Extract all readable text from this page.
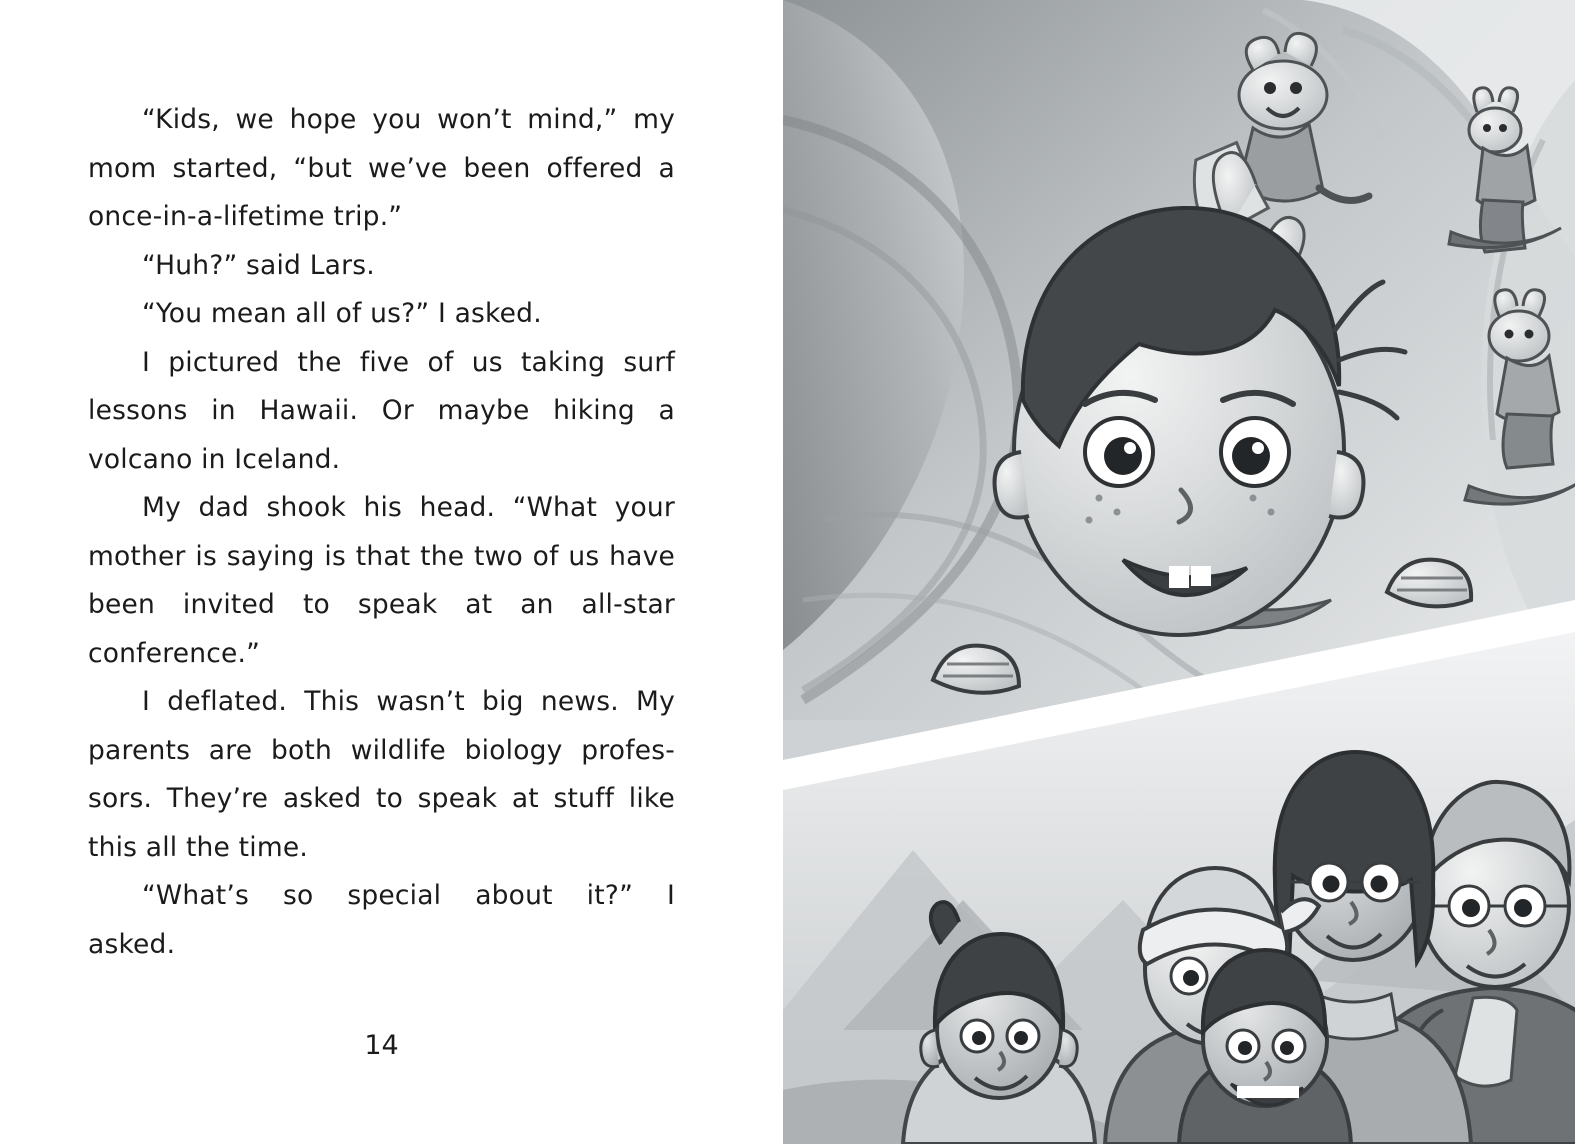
“Kids, we hope you won’t mind,” my mom started, “but we’ve been offered a once-in-a-lifetime trip.”

“Huh?” said Lars.

“You mean all of us?” I asked.

I pictured the five of us taking surf lessons in Hawaii. Or maybe hiking a volcano in Iceland.

My dad shook his head. “What your mother is saying is that the two of us have been invited to speak at an all-star conference.”

I deflated. This wasn’t big news. My parents are both wildlife biology profes-sors. They’re asked to speak at stuff like this all the time.

“What’s so special about it?” I asked.

14
